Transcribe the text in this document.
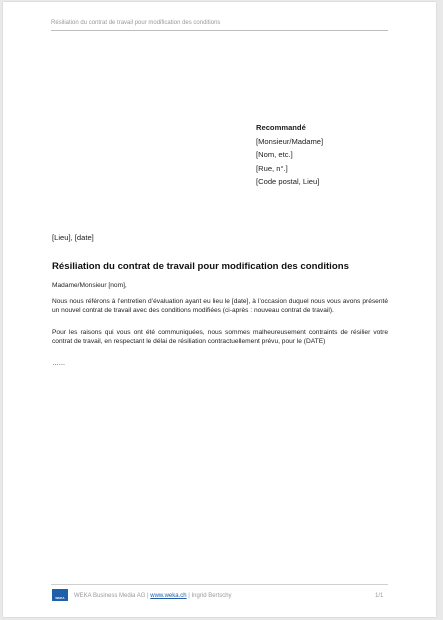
Résiliation du contrat de travail pour modification des conditions
Recommandé
[Monsieur/Madame]
[Nom, etc.]
[Rue, n°.]
[Code postal, Lieu]
[Lieu], [date]
Résiliation du contrat de travail pour modification des conditions
Madame/Monsieur [nom],
Nous nous référons à l’entretien d’évaluation ayant eu lieu le [date], à l’occasion duquel nous vous avons présenté un nouvel contrat de travail avec des conditions modifiées (ci-après : nouveau contrat de travail).
Pour les raisons qui vous ont été communiquées, nous sommes malheureusement contraints de résilier votre contrat de travail, en respectant le délai de résiliation contractuellement prévu, pour le (DATE)
……
WEKA WEKA Business Media AG | www.weka.ch | Ingrid Bertschy	1/1
